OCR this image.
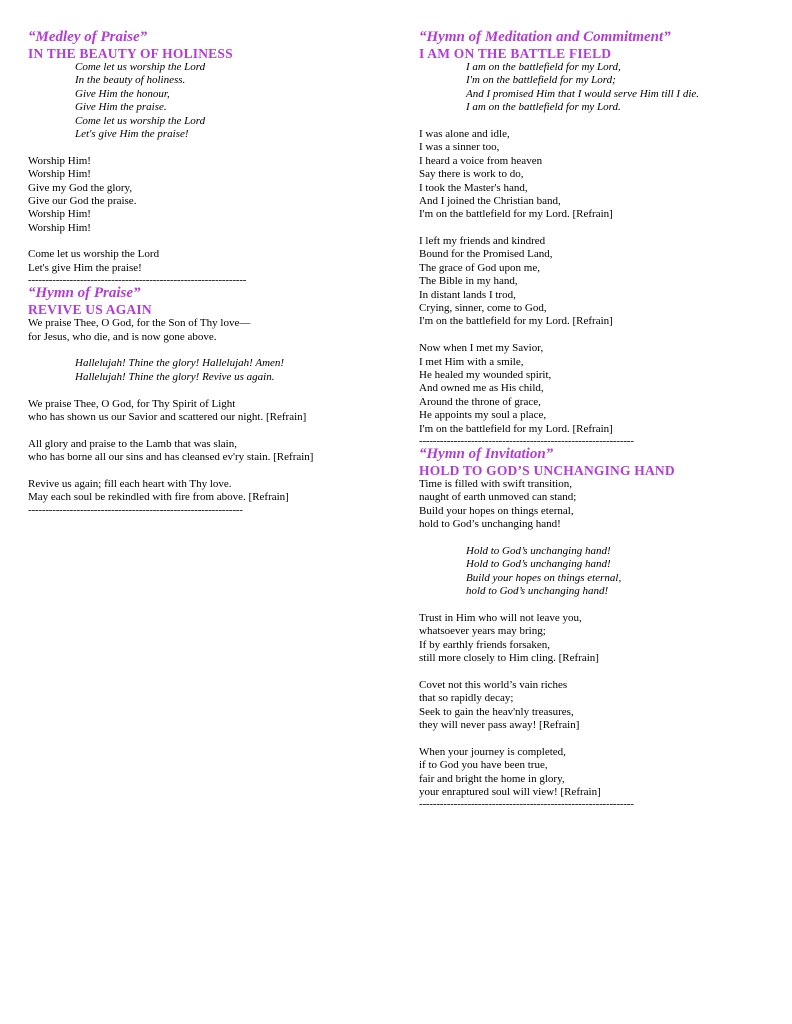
“Medley of Praise”
IN THE BEAUTY OF HOLINESS
Come let us worship the Lord
In the beauty of holiness.
Give Him the honour,
Give Him the praise.
Come let us worship the Lord
Let's give Him the praise!
Worship Him!
Worship Him!
Give my God the glory,
Give our God the praise.
Worship Him!
Worship Him!
Come let us worship the Lord
Let's give Him the praise!
---------------------------------------------------------------
“Hymn of Praise”
REVIVE US AGAIN
We praise Thee, O God, for the Son of Thy love—
for Jesus, who die, and is now gone above.
Hallelujah! Thine the glory! Hallelujah! Amen!
Hallelujah! Thine the glory! Revive us again.
We praise Thee, O God, for Thy Spirit of Light
who has shown us our Savior and scattered our night. [Refrain]
All glory and praise to the Lamb that was slain,
who has borne all our sins and has cleansed ev'ry stain. [Refrain]
Revive us again; fill each heart with Thy love.
May each soul be rekindled with fire from above. [Refrain]
--------------------------------------------------------------
“Hymn of Meditation and Commitment”
I AM ON THE BATTLE FIELD
I am on the battlefield for my Lord,
I'm on the battlefield for my Lord;
And I promised Him that I would serve Him till I die.
I am on the battlefield for my Lord.
I was alone and idle,
I was a sinner too,
I heard a voice from heaven
Say there is work to do,
I took the Master's hand,
And I joined the Christian band,
I'm on the battlefield for my Lord. [Refrain]
I left my friends and kindred
Bound for the Promised Land,
The grace of God upon me,
The Bible in my hand,
In distant lands I trod,
Crying, sinner, come to God,
I'm on the battlefield for my Lord. [Refrain]
Now when I met my Savior,
I met Him with a smile,
He healed my wounded spirit,
And owned me as His child,
Around the throne of grace,
He appoints my soul a place,
I'm on the battlefield for my Lord. [Refrain]
--------------------------------------------------------------
“Hymn of Invitation”
HOLD TO GOD’S UNCHANGING HAND
Time is filled with swift transition,
naught of earth unmoved can stand;
Build your hopes on things eternal,
hold to God’s unchanging hand!
Hold to God’s unchanging hand!
Hold to God’s unchanging hand!
Build your hopes on things eternal,
hold to God’s unchanging hand!
Trust in Him who will not leave you,
whatsoever years may bring;
If by earthly friends forsaken,
still more closely to Him cling. [Refrain]
Covet not this world’s vain riches
that so rapidly decay;
Seek to gain the heav'nly treasures,
they will never pass away! [Refrain]
When your journey is completed,
if to God you have been true,
fair and bright the home in glory,
your enraptured soul will view! [Refrain]
--------------------------------------------------------------
